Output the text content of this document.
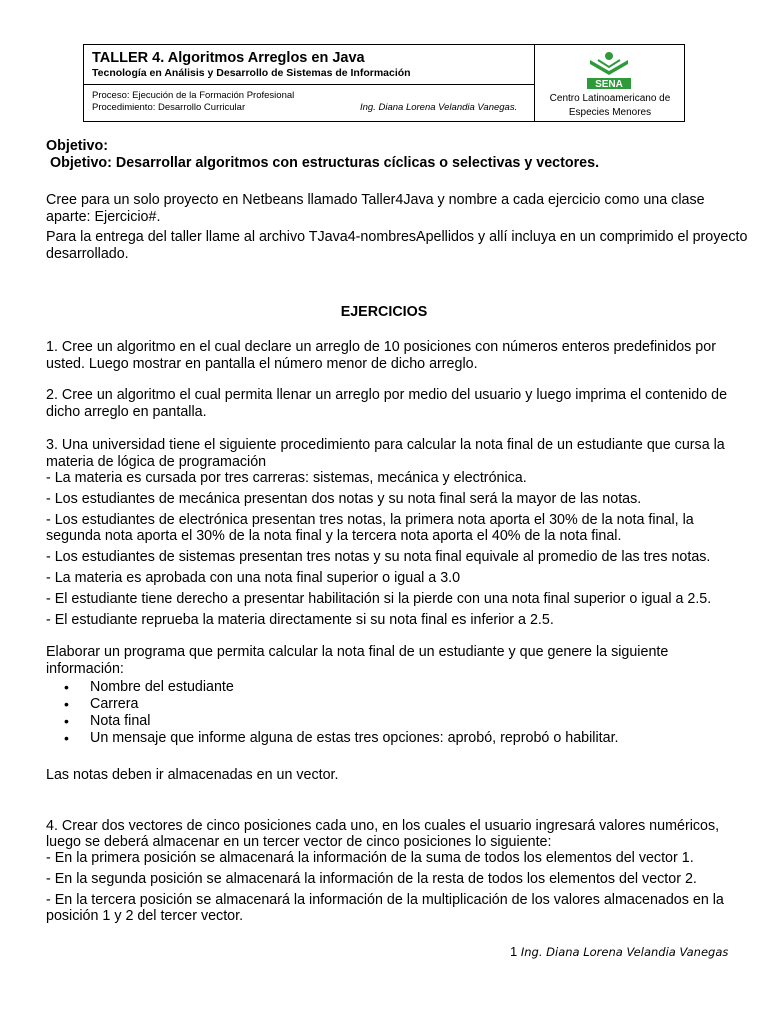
TALLER 4. Algoritmos Arreglos en Java
Tecnología en Análisis y Desarrollo de Sistemas de Información
Proceso: Ejecución de la Formación Profesional
Procedimiento: Desarrollo Curricular	Ing. Diana Lorena Velandia Vanegas.
SENA
Centro Latinoamericano de
Especies Menores
Objetivo:
Objetivo: Desarrollar algoritmos con estructuras cíclicas o selectivas y vectores.
Cree para un solo proyecto en Netbeans llamado Taller4Java y nombre a cada ejercicio como una clase
aparte: Ejercicio#.
Para la entrega del taller llame al archivo TJava4-nombresApellidos y allí incluya en un comprimido el proyecto
desarrollado.
EJERCICIOS
1. Cree un algoritmo en el cual declare un arreglo de 10 posiciones con números enteros predefinidos por
usted. Luego mostrar en pantalla el número menor de dicho arreglo.
2. Cree un algoritmo el cual permita llenar un arreglo por medio del usuario y luego imprima el contenido de
dicho arreglo en pantalla.
3. Una universidad tiene el siguiente procedimiento para calcular la nota final de un estudiante que cursa la
materia de lógica de programación
- La materia es cursada por tres carreras: sistemas, mecánica y electrónica.
- Los estudiantes de mecánica presentan dos notas y su nota final será la mayor de las notas.
- Los estudiantes de electrónica presentan tres notas, la primera nota aporta el 30% de la nota final, la
segunda nota aporta el 30% de la nota final y la tercera nota aporta el 40% de la nota final.
- Los estudiantes de sistemas presentan tres notas y su nota final equivale al promedio de las tres notas.
- La materia es aprobada con una nota final superior o igual a 3.0
- El estudiante tiene derecho a presentar habilitación si la pierde con una nota final superior o igual a 2.5.
- El estudiante reprueba la materia directamente si su nota final es inferior a 2.5.
Elaborar un programa que permita calcular la nota final de un estudiante y que genere la siguiente
información:
• Nombre del estudiante
• Carrera
• Nota final
• Un mensaje que informe alguna de estas tres opciones: aprobó, reprobó o habilitar.
Las notas deben ir almacenadas en un vector.
4. Crear dos vectores de cinco posiciones cada uno, en los cuales el usuario ingresará valores numéricos,
luego se deberá almacenar en un tercer vector de cinco posiciones lo siguiente:
- En la primera posición se almacenará la información de la suma de todos los elementos del vector 1.
- En la segunda posición se almacenará la información de la resta de todos los elementos del vector 2.
- En la tercera posición se almacenará la información de la multiplicación de los valores almacenados en la
posición 1 y 2 del tercer vector.
1 Ing. Diana Lorena Velandia Vanegas
